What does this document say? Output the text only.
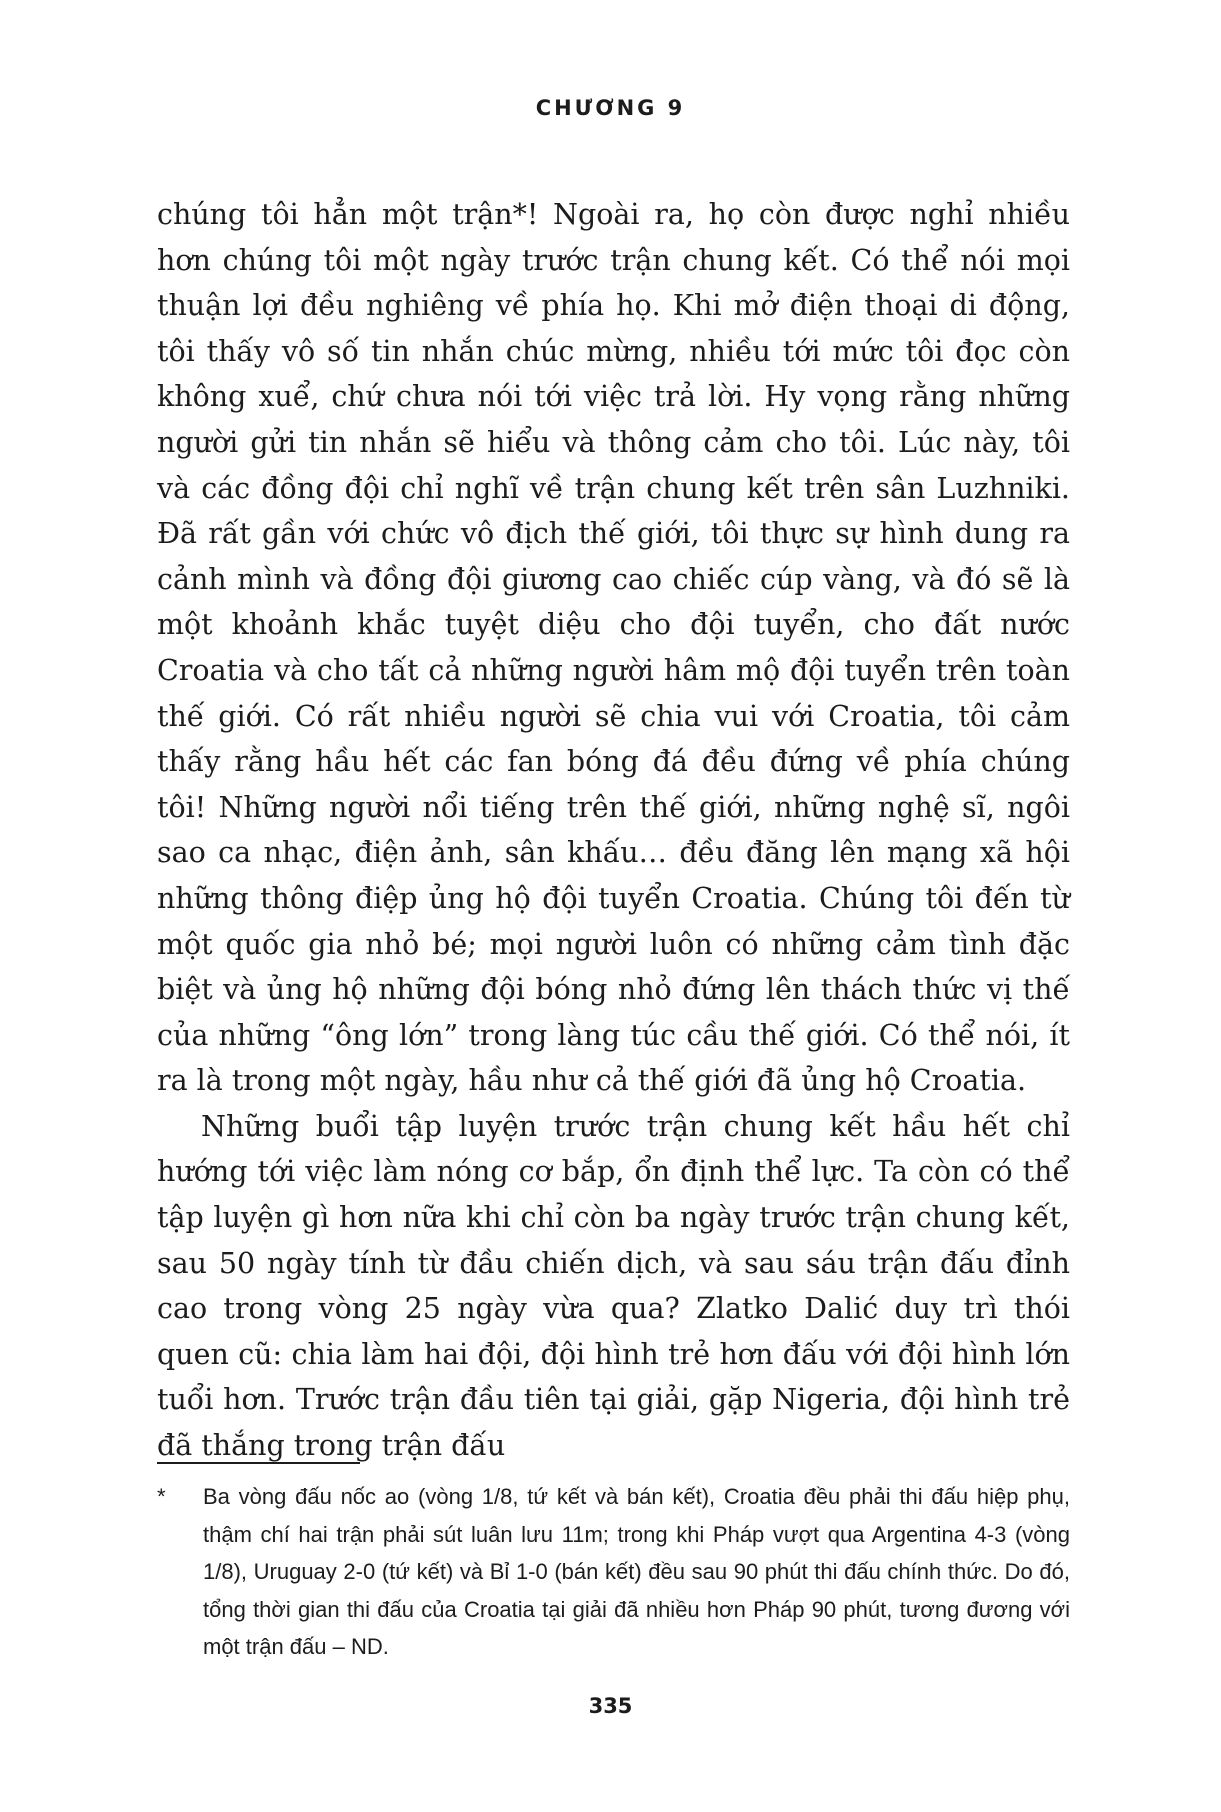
CHƯƠNG 9

chúng tôi hẳn một trận*! Ngoài ra, họ còn được nghỉ nhiều hơn chúng tôi một ngày trước trận chung kết. Có thể nói mọi thuận lợi đều nghiêng về phía họ. Khi mở điện thoại di động, tôi thấy vô số tin nhắn chúc mừng, nhiều tới mức tôi đọc còn không xuể, chứ chưa nói tới việc trả lời. Hy vọng rằng những người gửi tin nhắn sẽ hiểu và thông cảm cho tôi. Lúc này, tôi và các đồng đội chỉ nghĩ về trận chung kết trên sân Luzhniki. Đã rất gần với chức vô địch thế giới, tôi thực sự hình dung ra cảnh mình và đồng đội giương cao chiếc cúp vàng, và đó sẽ là một khoảnh khắc tuyệt diệu cho đội tuyển, cho đất nước Croatia và cho tất cả những người hâm mộ đội tuyển trên toàn thế giới. Có rất nhiều người sẽ chia vui với Croatia, tôi cảm thấy rằng hầu hết các fan bóng đá đều đứng về phía chúng tôi! Những người nổi tiếng trên thế giới, những nghệ sĩ, ngôi sao ca nhạc, điện ảnh, sân khấu… đều đăng lên mạng xã hội những thông điệp ủng hộ đội tuyển Croatia. Chúng tôi đến từ một quốc gia nhỏ bé; mọi người luôn có những cảm tình đặc biệt và ủng hộ những đội bóng nhỏ đứng lên thách thức vị thế của những “ông lớn” trong làng túc cầu thế giới. Có thể nói, ít ra là trong một ngày, hầu như cả thế giới đã ủng hộ Croatia.

Những buổi tập luyện trước trận chung kết hầu hết chỉ hướng tới việc làm nóng cơ bắp, ổn định thể lực. Ta còn có thể tập luyện gì hơn nữa khi chỉ còn ba ngày trước trận chung kết, sau 50 ngày tính từ đầu chiến dịch, và sau sáu trận đấu đỉnh cao trong vòng 25 ngày vừa qua? Zlatko Dalić duy trì thói quen cũ: chia làm hai đội, đội hình trẻ hơn đấu với đội hình lớn tuổi hơn. Trước trận đầu tiên tại giải, gặp Nigeria, đội hình trẻ đã thắng trong trận đấu

* Ba vòng đấu nốc ao (vòng 1/8, tứ kết và bán kết), Croatia đều phải thi đấu hiệp phụ, thậm chí hai trận phải sút luân lưu 11m; trong khi Pháp vượt qua Argentina 4-3 (vòng 1/8), Uruguay 2-0 (tứ kết) và Bỉ 1-0 (bán kết) đều sau 90 phút thi đấu chính thức. Do đó, tổng thời gian thi đấu của Croatia tại giải đã nhiều hơn Pháp 90 phút, tương đương với một trận đấu – ND.
335
